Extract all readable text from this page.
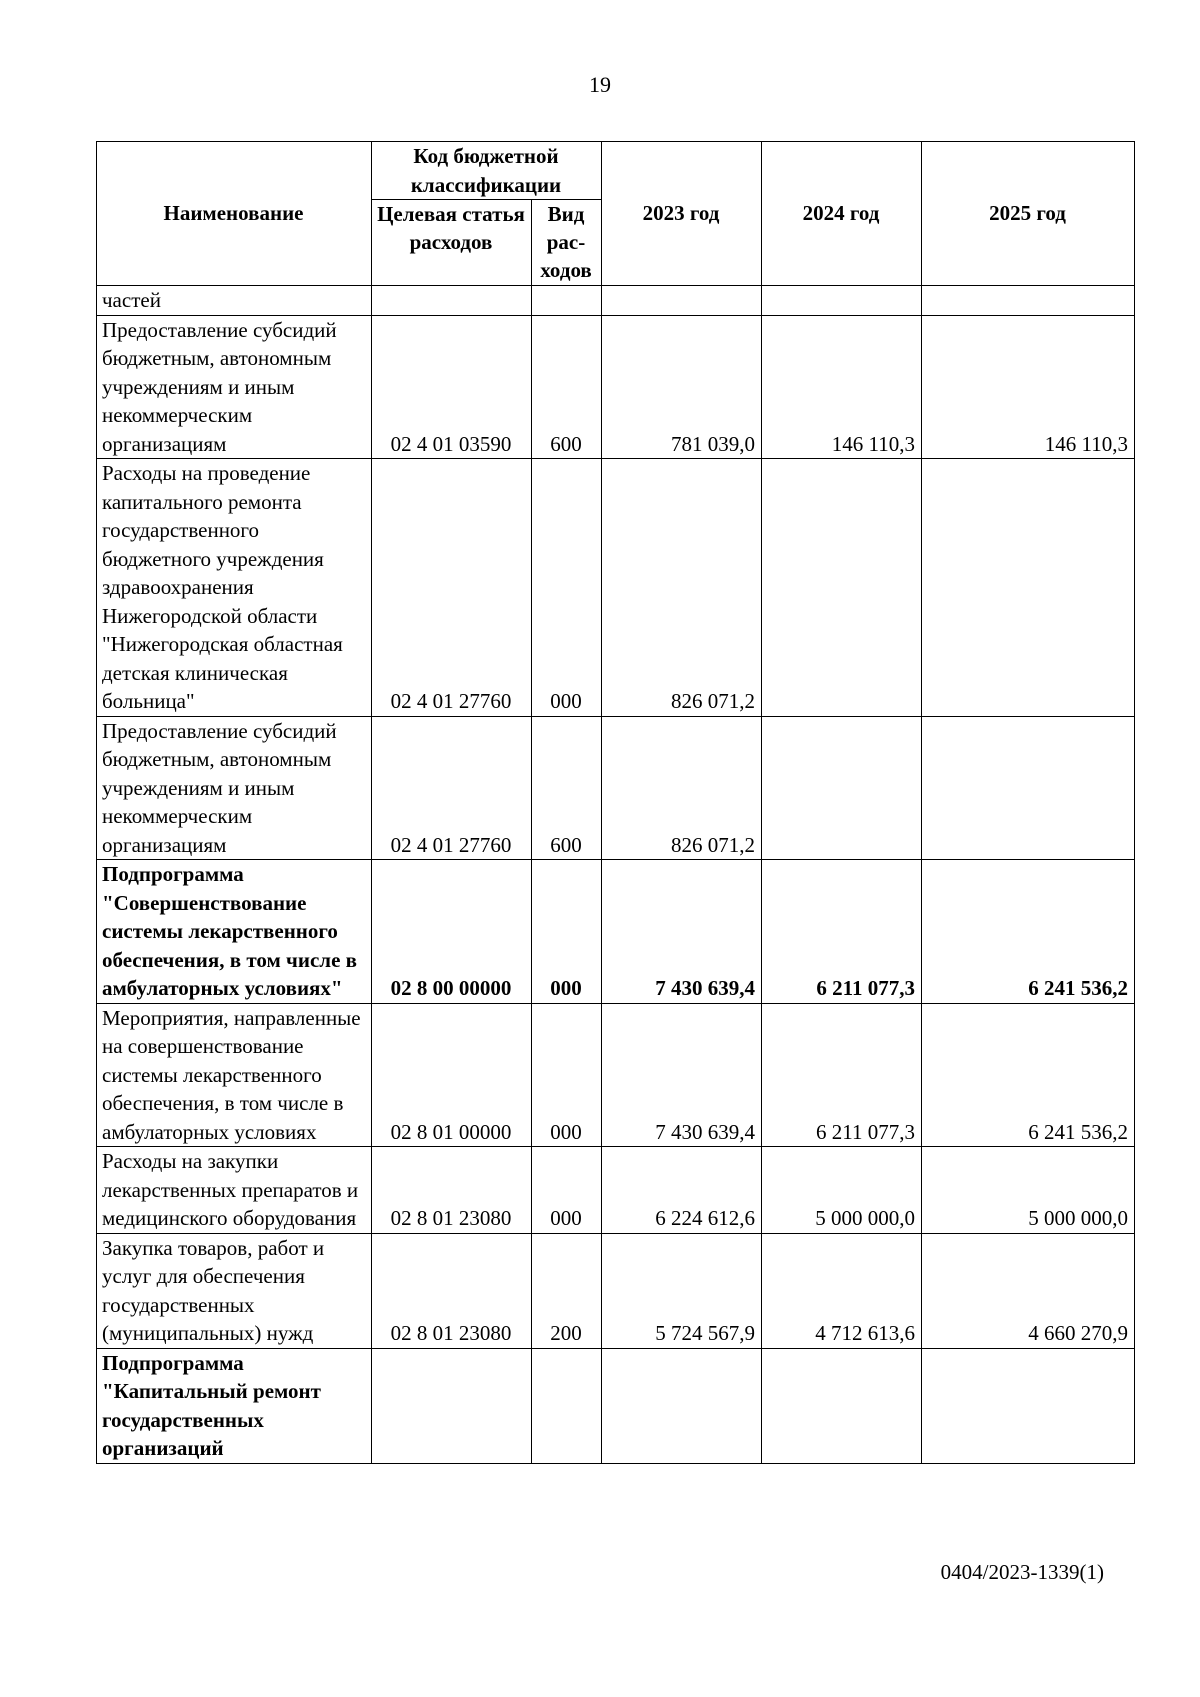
19
Наименование	Код бюджетной классификации		2023 год	2024 год	2025 год

	Целевая статья расходов	Вид рас-ходов			

частей					
Предоставление субсидий бюджетным, автономным учреждениям и иным некоммерческим организациям	02 4 01 03590	600	781 039,0	146 110,3	146 110,3
Расходы на проведение капитального ремонта государственного бюджетного учреждения здравоохранения Нижегородской области "Нижегородская областная детская клиническая больница"	02 4 01 27760	000	826 071,2		
Предоставление субсидий бюджетным, автономным учреждениям и иным некоммерческим организациям	02 4 01 27760	600	826 071,2		
Подпрограмма "Совершенствование системы лекарственного обеспечения, в том числе в амбулаторных условиях"	02 8 00 00000	000	7 430 639,4	6 211 077,3	6 241 536,2
Мероприятия, направленные на совершенствование системы лекарственного обеспечения, в том числе в амбулаторных условиях	02 8 01 00000	000	7 430 639,4	6 211 077,3	6 241 536,2
Расходы на закупки лекарственных препаратов и медицинского оборудования	02 8 01 23080	000	6 224 612,6	5 000 000,0	5 000 000,0
Закупка товаров, работ и услуг для обеспечения государственных (муниципальных) нужд	02 8 01 23080	200	5 724 567,9	4 712 613,6	4 660 270,9
Подпрограмма "Капитальный ремонт государственных организаций					
0404/2023-1339(1)
